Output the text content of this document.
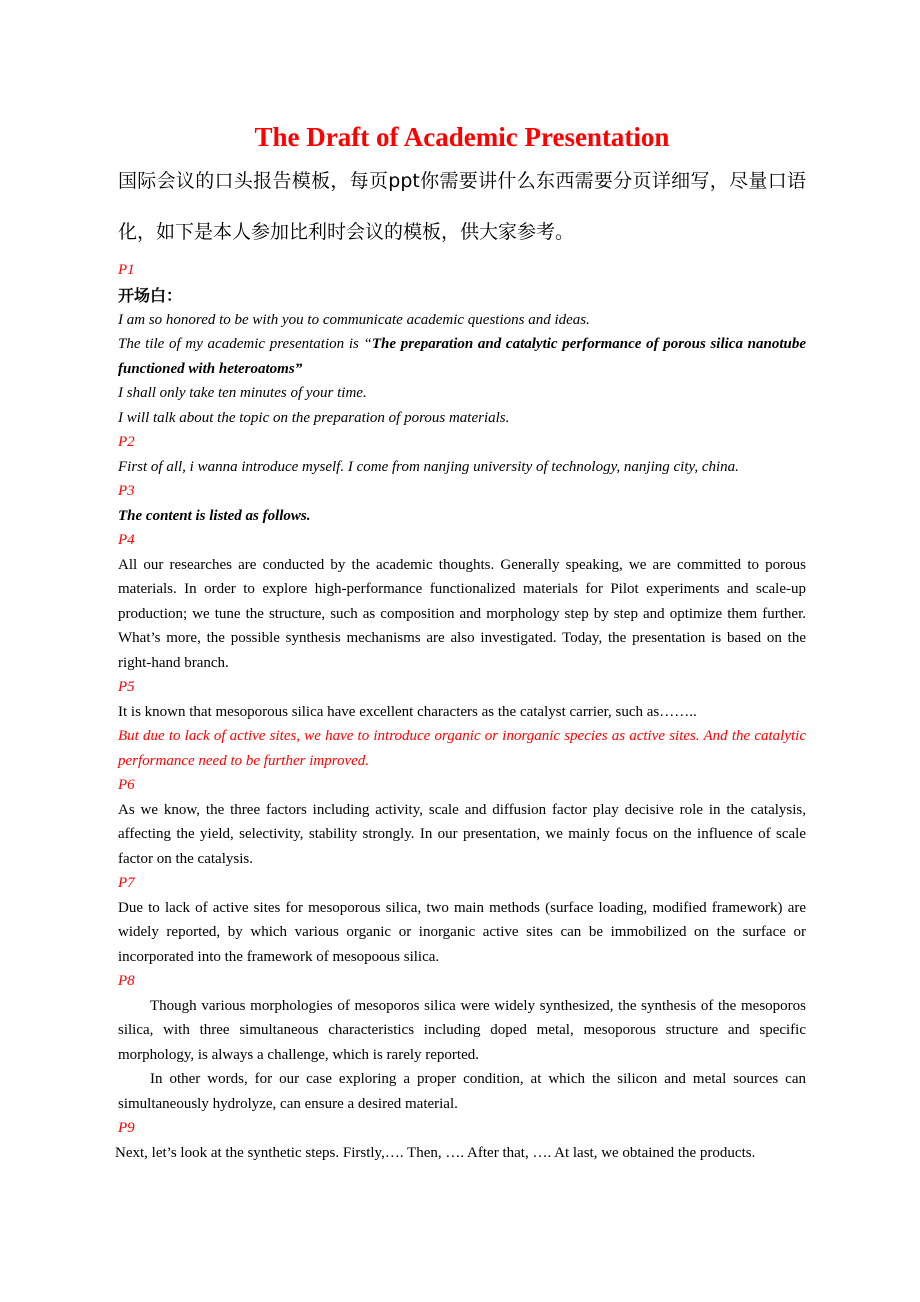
The Draft of Academic Presentation

国际会议的口头报告模板，每页ppt你需要讲什么东西需要分页详细写，尽量口语化，如下是本人参加比利时会议的模板，供大家参考。

P1

开场白：

I am so honored to be with you to communicate academic questions and ideas.

The tile of my academic presentation is “The preparation and catalytic performance of porous silica nanotube functioned with heteroatoms”

I shall only take ten minutes of your time.

I will talk about the topic on the preparation of porous materials.

P2

First of all, i wanna introduce myself. I come from nanjing university of technology, nanjing city, china.

P3

The content is listed as follows.

P4

All our researches are conducted by the academic thoughts. Generally speaking, we are committed to porous materials. In order to explore high-performance functionalized materials for Pilot experiments and scale-up production; we tune the structure, such as composition and morphology step by step and optimize them further. What’s more, the possible synthesis mechanisms are also investigated. Today, the presentation is based on the right-hand branch.

P5

It is known that mesoporous silica have excellent characters as the catalyst carrier, such as……..

But due to lack of active sites, we have to introduce organic or inorganic species as active sites. And the catalytic performance need to be further improved.

P6

As we know, the three factors including activity, scale and diffusion factor play decisive role in the catalysis, affecting the yield, selectivity, stability strongly. In our presentation, we mainly focus on the influence of scale factor on the catalysis.

P7

Due to lack of active sites for mesoporous silica, two main methods (surface loading, modified framework) are widely reported, by which various organic or inorganic active sites can be immobilized on the surface or incorporated into the framework of mesopoous silica.

P8

Though various morphologies of mesoporos silica were widely synthesized, the synthesis of the mesoporos silica, with three simultaneous characteristics including doped metal, mesoporous structure and specific morphology, is always a challenge, which is rarely reported.

In other words, for our case exploring a proper condition, at which the silicon and metal sources can simultaneously hydrolyze, can ensure a desired material.

P9

Next, let’s look at the synthetic steps. Firstly,…. Then, …. After that, …. At last, we obtained the products.
